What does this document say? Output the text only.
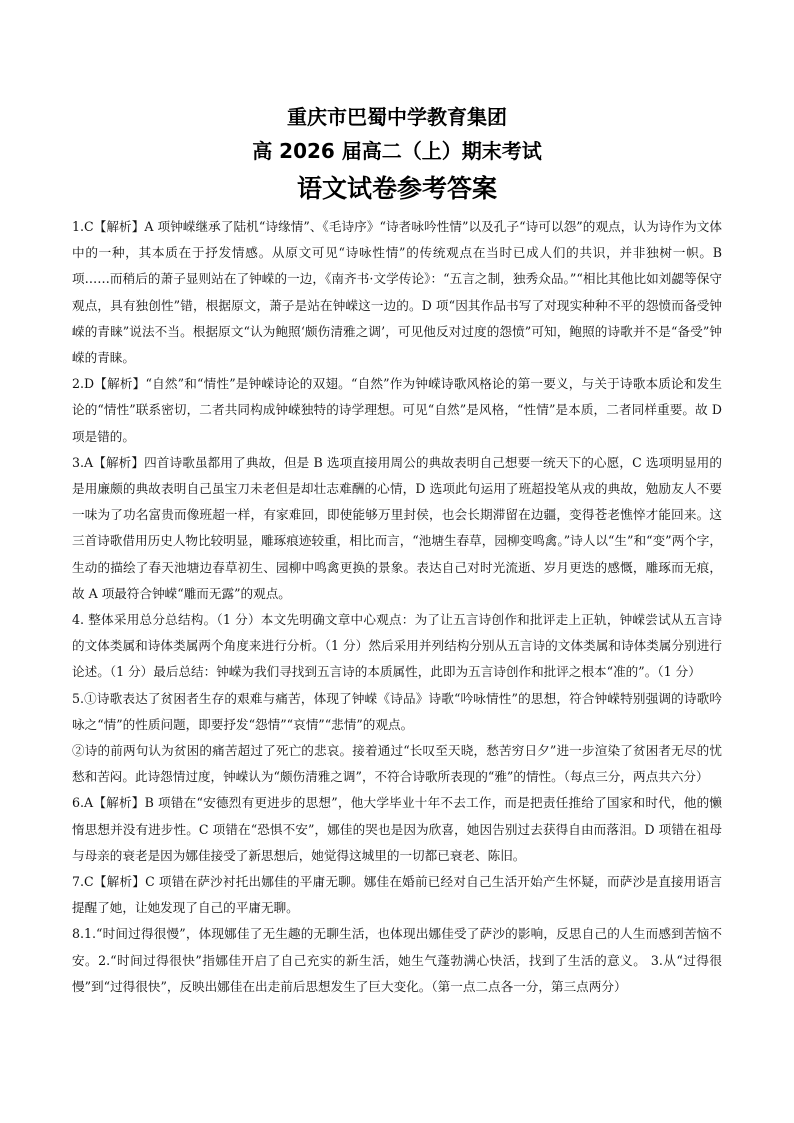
重庆市巴蜀中学教育集团
高 2026 届高二（上）期末考试
语文试卷参考答案

1.C【解析】A 项钟嵘继承了陆机“诗缘情”、《毛诗序》“诗者咏吟性情”以及孔子“诗可以怨”的观点，认为诗作为文体中的一种，其本质在于抒发情感。从原文可见“诗咏性情”的传统观点在当时已成人们的共识，并非独树一帜。B 项……而稍后的萧子显则站在了钟嵘的一边，《南齐书·文学传论》：“五言之制，独秀众品。”“相比其他比如刘勰等保守观点，具有独创性”错，根据原文，萧子是站在钟嵘这一边的。D 项“因其作品书写了对现实种种不平的怨愤而备受钟嵘的青睐”说法不当。根据原文“认为鲍照‘颇伤清雅之调’，可见他反对过度的怨愤”可知，鲍照的诗歌并不是“备受”钟嵘的青睐。

2.D【解析】“自然”和“情性”是钟嵘诗论的双翅。“自然”作为钟嵘诗歌风格论的第一要义，与关于诗歌本质论和发生论的“情性”联系密切，二者共同构成钟嵘独特的诗学理想。可见“自然”是风格，“性情”是本质，二者同样重要。故 D 项是错的。

3.A【解析】四首诗歌虽都用了典故，但是 B 选项直接用周公的典故表明自己想要一统天下的心愿，C 选项明显用的是用廉颇的典故表明自己虽宝刀未老但是却壮志难酬的心情，D 选项此句运用了班超投笔从戎的典故，勉励友人不要一味为了功名富贵而像班超一样，有家难回，即使能够万里封侯，也会长期滞留在边疆，变得苍老憔悴才能回来。这三首诗歌借用历史人物比较明显，雕琢痕迹较重，相比而言，“池塘生春草，园柳变鸣禽。”诗人以“生”和“变”两个字，生动的描绘了春天池塘边春草初生、园柳中鸣禽更换的景象。表达自己对时光流逝、岁月更迭的感慨，雕琢而无痕，故 A 项最符合钟嵘“雕而无露”的观点。

4. 整体采用总分总结构。（1 分）本文先明确文章中心观点：为了让五言诗创作和批评走上正轨，钟嵘尝试从五言诗的文体类属和诗体类属两个角度来进行分析。（1 分）然后采用并列结构分别从五言诗的文体类属和诗体类属分别进行论述。（1 分）最后总结：钟嵘为我们寻找到五言诗的本质属性，此即为五言诗创作和批评之根本“准的”。（1 分）

5.①诗歌表达了贫困者生存的艰难与痛苦，体现了钟嵘《诗品》诗歌“吟咏情性”的思想，符合钟嵘特别强调的诗歌吟咏之“情”的性质问题，即要抒发“怨情”“哀情”“悲情”的观点。

②诗的前两句认为贫困的痛苦超过了死亡的悲哀。接着通过“长叹至天晓，愁苦穷日夕”进一步渲染了贫困者无尽的忧愁和苦闷。此诗怨情过度，钟嵘认为“颇伤清雅之调”，不符合诗歌所表现的“雅”的情性。（每点三分，两点共六分）

6.A【解析】B 项错在“安德烈有更进步的思想”，他大学毕业十年不去工作，而是把责任推给了国家和时代，他的懒惰思想并没有进步性。C 项错在“恐惧不安”，娜佳的哭也是因为欣喜，她因告别过去获得自由而落泪。D 项错在祖母与母亲的衰老是因为娜佳接受了新思想后，她觉得这城里的一切都已衰老、陈旧。

7.C【解析】C 项错在萨沙衬托出娜佳的平庸无聊。娜佳在婚前已经对自己生活开始产生怀疑，而萨沙是直接用语言提醒了她，让她发现了自己的平庸无聊。

8.1.“时间过得很慢”，体现娜佳了无生趣的无聊生活，也体现出娜佳受了萨沙的影响，反思自己的人生而感到苦恼不安。2.“时间过得很快”指娜佳开启了自己充实的新生活，她生气蓬勃满心快活，找到了生活的意义。 3.从“过得很慢”到“过得很快”，反映出娜佳在出走前后思想发生了巨大变化。（第一点二点各一分，第三点两分）
